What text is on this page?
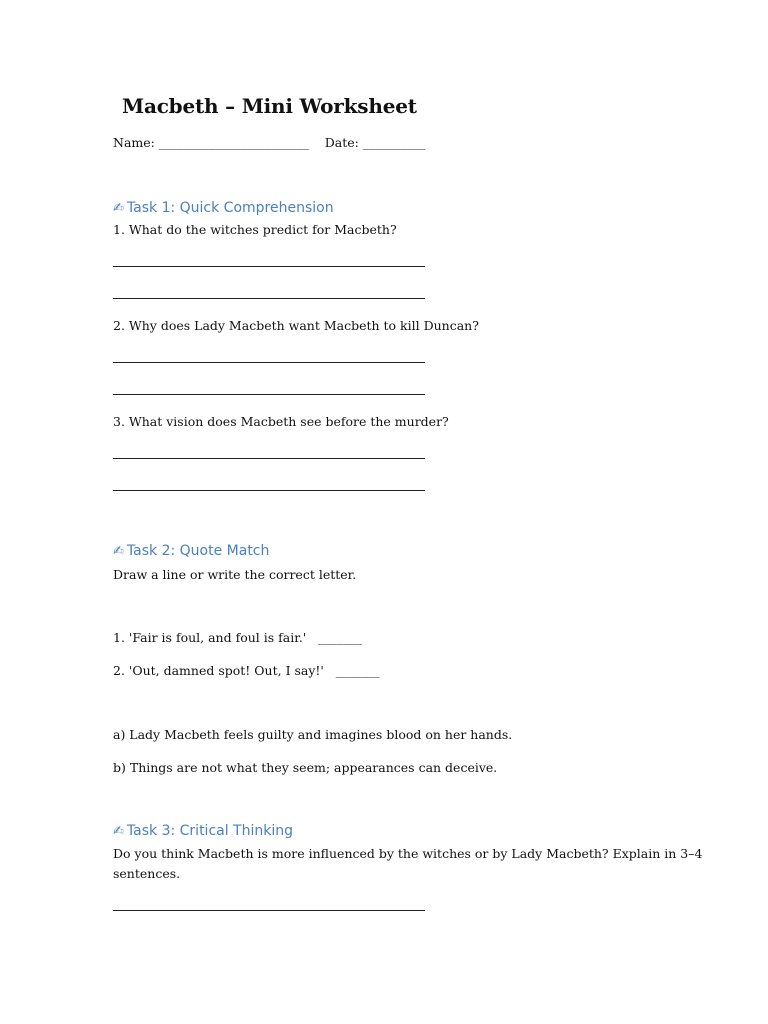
Macbeth – Mini Worksheet
Name: ________________________ Date: __________
✍ Task 1: Quick Comprehension
1. What do the witches predict for Macbeth?
2. Why does Lady Macbeth want Macbeth to kill Duncan?
3. What vision does Macbeth see before the murder?
✍ Task 2: Quote Match
Draw a line or write the correct letter.
1. 'Fair is foul, and foul is fair.' _______
2. 'Out, damned spot! Out, I say!' _______
a) Lady Macbeth feels guilty and imagines blood on her hands.
b) Things are not what they seem; appearances can deceive.
✍ Task 3: Critical Thinking
Do you think Macbeth is more influenced by the witches or by Lady Macbeth? Explain in 3–4
sentences.
